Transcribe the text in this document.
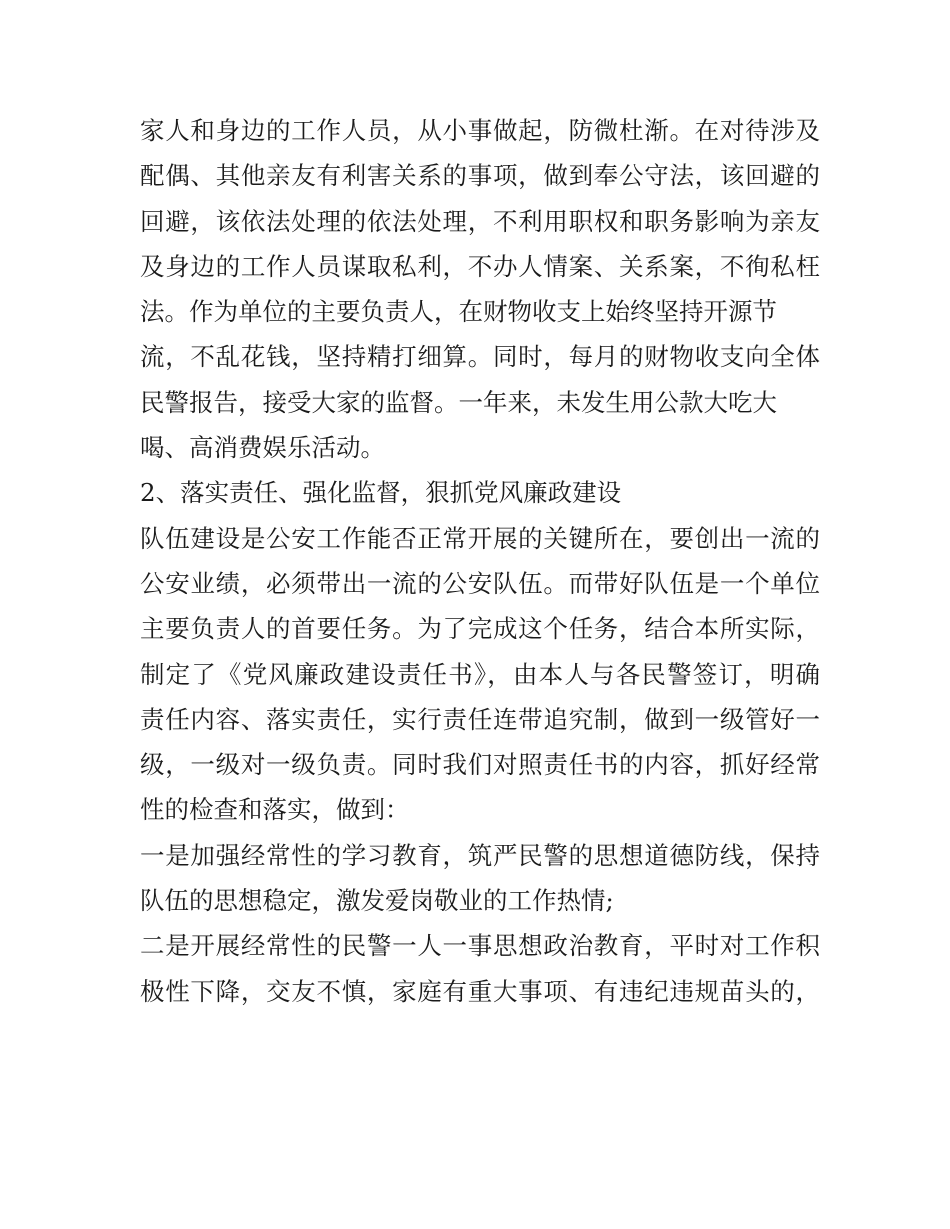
家人和身边的工作人员，从小事做起，防微杜渐。在对待涉及
配偶、其他亲友有利害关系的事项，做到奉公守法，该回避的
回避，该依法处理的依法处理，不利用职权和职务影响为亲友
及身边的工作人员谋取私利，不办人情案、关系案，不徇私枉
法。作为单位的主要负责人，在财物收支上始终坚持开源节
流，不乱花钱，坚持精打细算。同时，每月的财物收支向全体
民警报告，接受大家的监督。一年来，未发生用公款大吃大
喝、高消费娱乐活动。
2、落实责任、强化监督，狠抓党风廉政建设
队伍建设是公安工作能否正常开展的关键所在，要创出一流的
公安业绩，必须带出一流的公安队伍。而带好队伍是一个单位
主要负责人的首要任务。为了完成这个任务，结合本所实际，
制定了《党风廉政建设责任书》，由本人与各民警签订，明确
责任内容、落实责任，实行责任连带追究制，做到一级管好一
级，一级对一级负责。同时我们对照责任书的内容，抓好经常
性的检查和落实，做到：
一是加强经常性的学习教育，筑严民警的思想道德防线，保持
队伍的思想稳定，激发爱岗敬业的工作热情;
二是开展经常性的民警一人一事思想政治教育，平时对工作积
极性下降，交友不慎，家庭有重大事项、有违纪违规苗头的，
